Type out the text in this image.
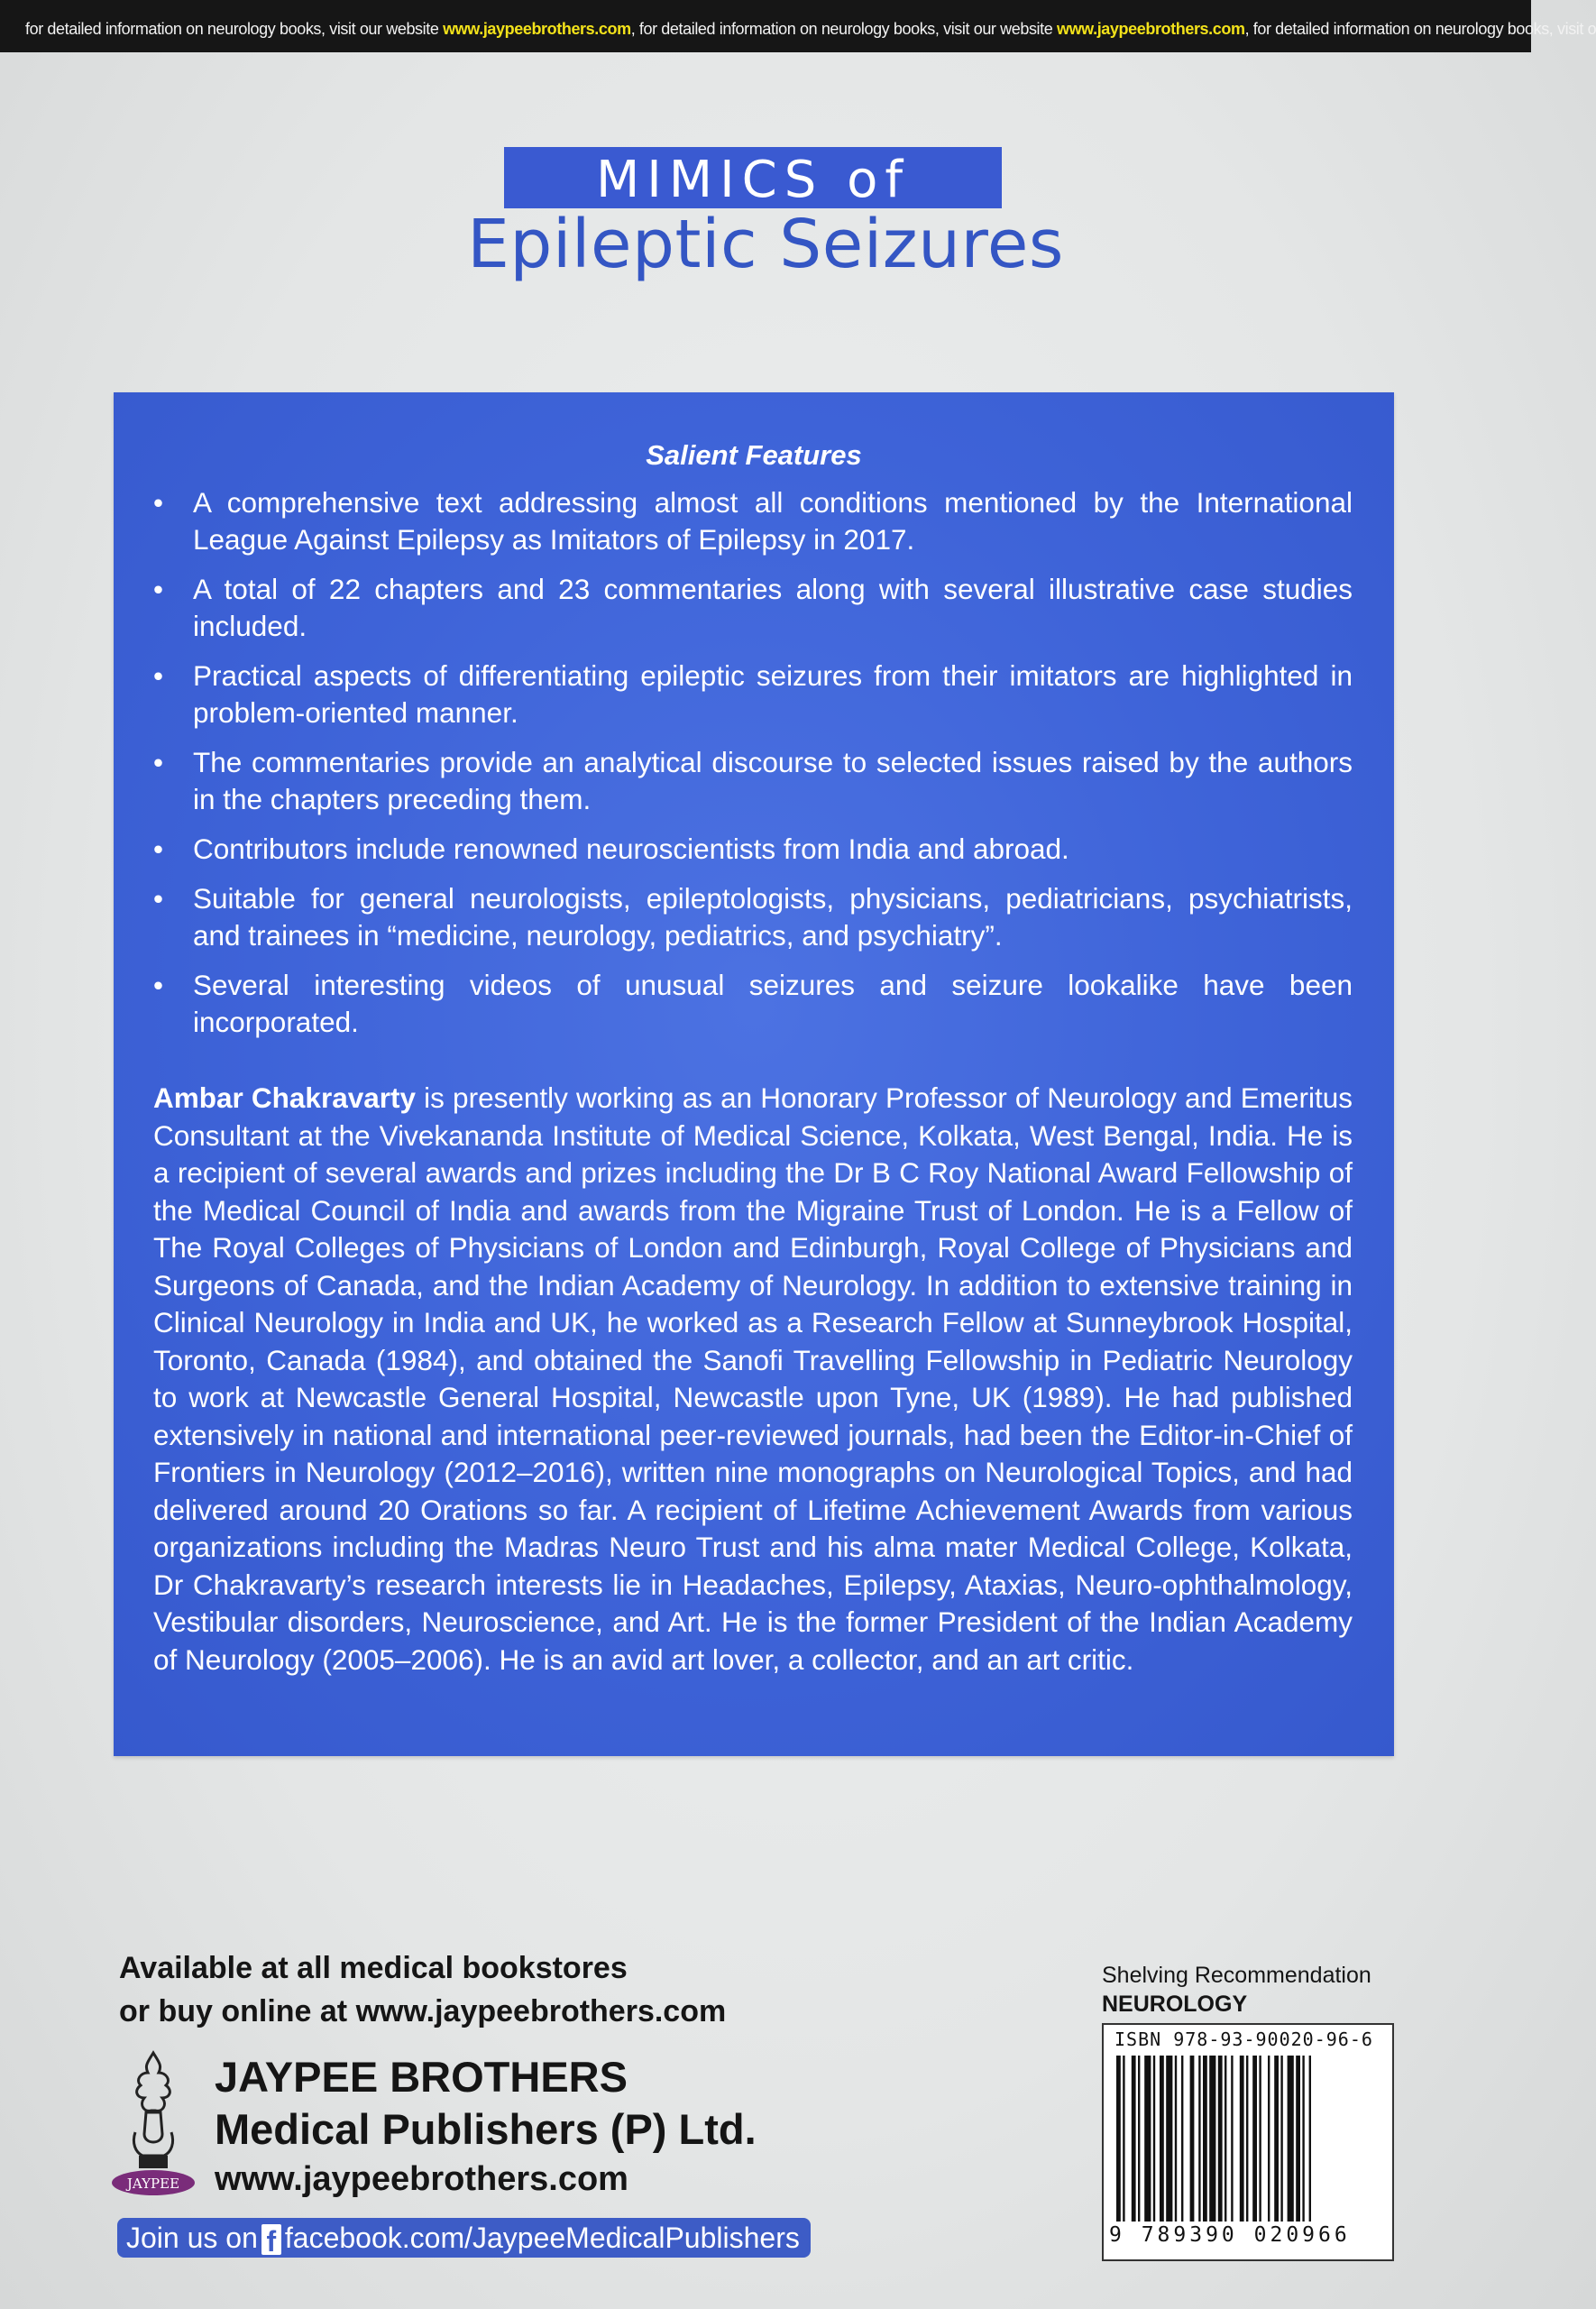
for detailed information on neurology books, visit our website www.jaypeebrothers.com, for detailed information on neurology books, visit our website www.jaypeebrothers.com, for detailed information on neurology books, visit o
MIMICS of
Epileptic Seizures
Salient Features
•	A comprehensive text addressing almost all conditions mentioned by the International League Against Epilepsy as Imitators of Epilepsy in 2017.
•	A total of 22 chapters and 23 commentaries along with several illustrative case studies included.
•	Practical aspects of differentiating epileptic seizures from their imitators are highlighted in problem-oriented manner.
•	The commentaries provide an analytical discourse to selected issues raised by the authors in the chapters preceding them.
•	Contributors include renowned neuroscientists from India and abroad.
•	Suitable for general neurologists, epileptologists, physicians, pediatricians, psychiatrists, and trainees in “medicine, neurology, pediatrics, and psychiatry”.
•	Several interesting videos of unusual seizures and seizure lookalike have been incorporated.

Ambar Chakravarty is presently working as an Honorary Professor of Neurology and Emeritus Consultant at the Vivekananda Institute of Medical Science, Kolkata, West Bengal, India. He is a recipient of several awards and prizes including the Dr B C Roy National Award Fellowship of the Medical Council of India and awards from the Migraine Trust of London. He is a Fellow of The Royal Colleges of Physicians of London and Edinburgh, Royal College of Physicians and Surgeons of Canada, and the Indian Academy of Neurology. In addition to extensive training in Clinical Neurology in India and UK, he worked as a Research Fellow at Sunneybrook Hospital, Toronto, Canada (1984), and obtained the Sanofi Travelling Fellowship in Pediatric Neurology to work at Newcastle General Hospital, Newcastle upon Tyne, UK (1989). He had published extensively in national and international peer-reviewed journals, had been the Editor-in-Chief of Frontiers in Neurology (2012–2016), written nine monographs on Neurological Topics, and had delivered around 20 Orations so far. A recipient of Lifetime Achievement Awards from various organizations including the Madras Neuro Trust and his alma mater Medical College, Kolkata, Dr Chakravarty’s research interests lie in Headaches, Epilepsy, Ataxias, Neuro-ophthalmology, Vestibular disorders, Neuroscience, and Art. He is the former President of the Indian Academy of Neurology (2005–2006). He is an avid art lover, a collector, and an art critic.

Available at all medical bookstores
or buy online at www.jaypeebrothers.com
JAYPEE
JAYPEE BROTHERS
Medical Publishers (P) Ltd.
www.jaypeebrothers.com
Join us on f facebook.com/JaypeeMedicalPublishers
Shelving Recommendation
NEUROLOGY
ISBN 978-93-90020-96-6
9 789390 020966
